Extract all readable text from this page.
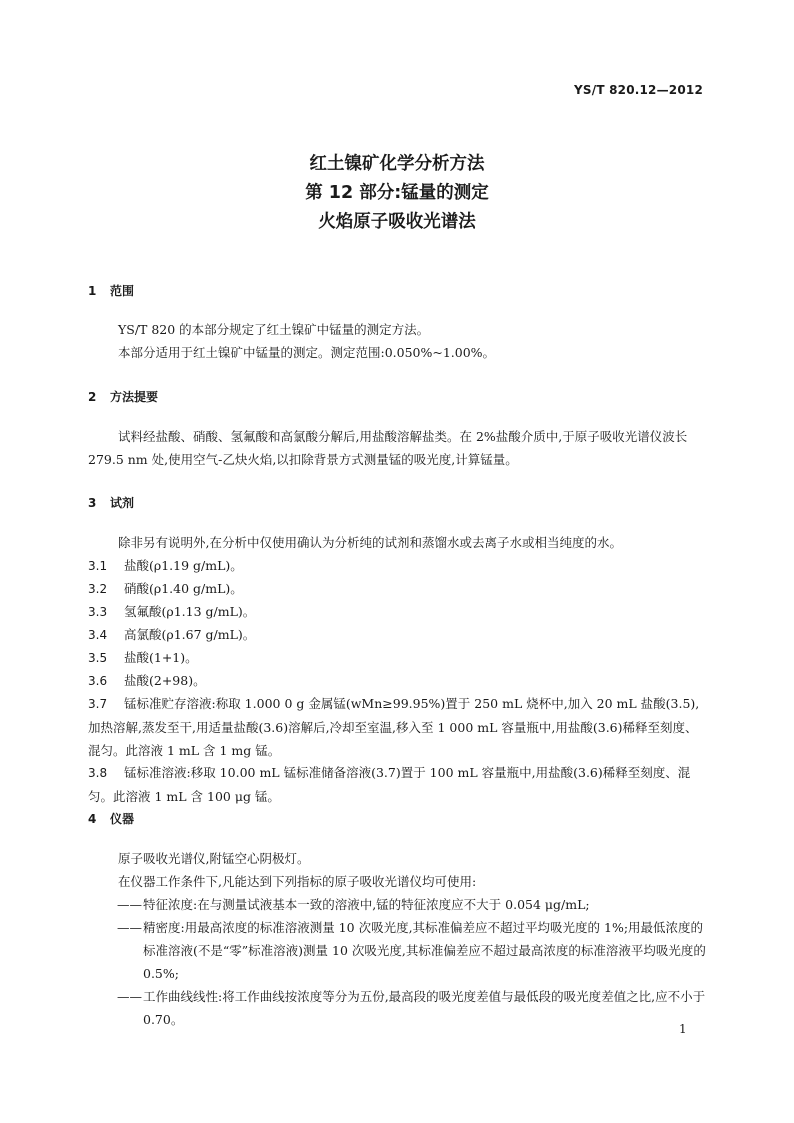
YS/T 820.12—2012
红土镍矿化学分析方法
第 12 部分:锰量的测定
火焰原子吸收光谱法
1 范围
YS/T 820 的本部分规定了红土镍矿中锰量的测定方法。
本部分适用于红土镍矿中锰量的测定。测定范围:0.050%~1.00%。
2 方法提要
试料经盐酸、硝酸、氢氟酸和高氯酸分解后,用盐酸溶解盐类。在 2%盐酸介质中,于原子吸收光谱仪波长 279.5 nm 处,使用空气-乙炔火焰,以扣除背景方式测量锰的吸光度,计算锰量。
3 试剂
除非另有说明外,在分析中仅使用确认为分析纯的试剂和蒸馏水或去离子水或相当纯度的水。
3.1 盐酸(ρ1.19 g/mL)。
3.2 硝酸(ρ1.40 g/mL)。
3.3 氢氟酸(ρ1.13 g/mL)。
3.4 高氯酸(ρ1.67 g/mL)。
3.5 盐酸(1+1)。
3.6 盐酸(2+98)。
3.7 锰标准贮存溶液:称取 1.000 0 g 金属锰(wMn≥99.95%)置于 250 mL 烧杯中,加入 20 mL 盐酸(3.5),加热溶解,蒸发至干,用适量盐酸(3.6)溶解后,冷却至室温,移入至 1 000 mL 容量瓶中,用盐酸(3.6)稀释至刻度、混匀。此溶液 1 mL 含 1 mg 锰。
3.8 锰标准溶液:移取 10.00 mL 锰标准储备溶液(3.7)置于 100 mL 容量瓶中,用盐酸(3.6)稀释至刻度、混匀。此溶液 1 mL 含 100 μg 锰。
4 仪器
原子吸收光谱仪,附锰空心阴极灯。
在仪器工作条件下,凡能达到下列指标的原子吸收光谱仪均可使用:
——特征浓度:在与测量试液基本一致的溶液中,锰的特征浓度应不大于 0.054 μg/mL;
——精密度:用最高浓度的标准溶液测量 10 次吸光度,其标准偏差应不超过平均吸光度的 1%;用最低浓度的标准溶液(不是“零”标准溶液)测量 10 次吸光度,其标准偏差应不超过最高浓度的标准溶液平均吸光度的 0.5%;
——工作曲线线性:将工作曲线按浓度等分为五份,最高段的吸光度差值与最低段的吸光度差值之比,应不小于 0.70。
1
